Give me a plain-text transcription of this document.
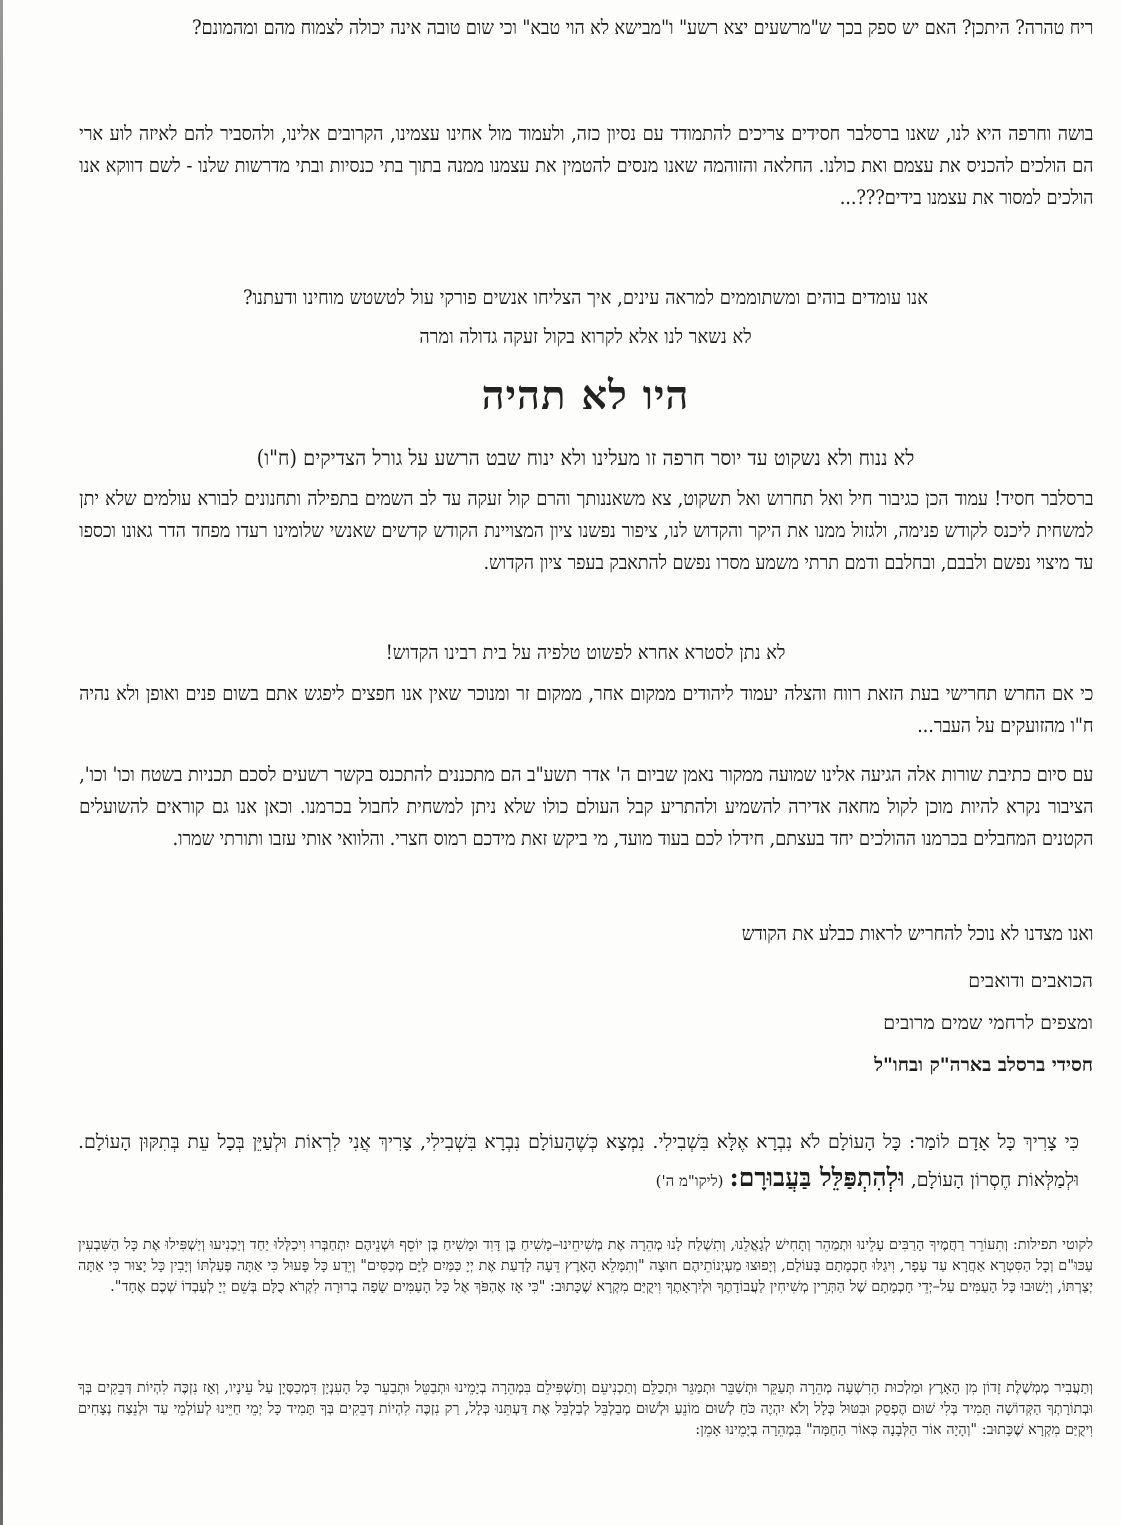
ריח טהרה? היתכן? האם יש ספק בכך ש"מרשעים יצא רשע" ו"מבישא לא הוי טבא" וכי שום טובה אינה יכולה לצמוח מהם ומהמונם?
בושה וחרפה היא לנו, שאנו ברסלבר חסידים צריכים להתמודד עם נסיון כזה, ולעמוד מול אחינו עצמינו, הקרובים אלינו, ולהסביר להם לאיזה לוע ארי הם הולכים להכניס את עצמם ואת כולנו. החלאה והזוהמה שאנו מנסים להטמין את עצמנו ממנה בתוך בתי כנסיות ובתי מדרשות שלנו - לשם דווקא אנו הולכים למסור את עצמנו בידים???...
אנו עומדים בוהים ומשתוממים למראה עינים, איך הצליחו אנשים פורקי עול לטשטש מוחינו ודעתנו?
לא נשאר לנו אלא לקרוא בקול זעקה גדולה ומרה
היו לא תהיה
לא ננוח ולא נשקוט עד יוסר חרפה זו מעלינו ולא ינוח שבט הרשע על גורל הצדיקים (ח"ו)
ברסלבר חסיד! עמוד הכן כגיבור חיל ואל תחרוש ואל תשקוט, צא משאננותך והרם קול זעקה עד לב השמים בתפילה ותחנונים לבורא עולמים שלא יתן למשחית ליכנס לקודש פנימה, ולגזול ממנו את היקר והקדוש לנו, ציפור נפשנו ציון המצויינת הקודש קדשים שאנשי שלומינו רעדו מפחד הדר גאונו וכספו עד מיצוי נפשם ולבבם, ובחלבם ודמם תרתי משמע מסרו נפשם להתאבק בעפר ציון הקדוש.
לא נתן לסטרא אחרא לפשוט טלפיה על בית רבינו הקדוש!
כי אם החרש תחרישי בעת הזאת רווח והצלה יעמוד ליהודים ממקום אחר, ממקום זר ומנוכר שאין אנו חפצים ליפגש אתם בשום פנים ואופן ולא נהיה ח"ו מהזועקים על העבר...
עם סיום כתיבת שורות אלה הגיעה אלינו שמועה ממקור נאמן שביום ה' אדר תשע"ב הם מתכננים להתכנס בקשר רשעים לסכם תכניות בשטח וכו' וכו', הציבור נקרא להיות מוכן לקול מחאה אדירה להשמיע ולהתריע קבל העולם כולו שלא ניתן למשחית לחבול בכרמנו. וכאן אנו גם קוראים להשועלים הקטנים המחבלים בכרמנו ההולכים יחד בעצתם, חידלו לכם בעוד מועד, מי ביקש זאת מידכם רמוס חצרי. והלוואי אותי עזבו ותורתי שמרו.
ואנו מצדנו לא נוכל להחריש לראות כבלע את הקודש
הכואבים ודואבים
ומצפים לרחמי שמים מרובים
חסידי ברסלב בארה"ק ובחו"ל
כִּי צָרִיךְ כָּל אָדָם לוֹמַר: כָּל הָעוֹלָם לֹא נִבְרָא אֶלָּא בִּשְׁבִילִי. נִמְצָא כְּשֶׁהָעוֹלָם נִבְרָא בִּשְׁבִילִי, צָרִיךְ אֲנִי לִרְאוֹת וּלְעַיֵּן בְּכָל עֵת בְּתִקּוּן הָעוֹלָם. וּלְמַלְּאוֹת חֶסְרוֹן הָעוֹלָם, וּלְהִתְפַּלֵּל בַּעֲבוּרָם: (ליקו"מ ה')
לקוטי תפילות: וְתִעוֹרֵר רַחֲמֶיךָ הָרַבִּים עָלֵינוּ וּתְמַהֵר וְתָחִישׁ לְגָאֳלֵנוּ, וְתִשְׁלַח לָנוּ מְהֵרָה אֶת מְשִׁיחֵינוּ–מָשִׁיחַ בֶּן דָּוִד וּמָשִׁיחַ בֶּן יוֹסֵף וּשְׁנֵיהֶם יִתְחַבְּרוּ וִיכַלְּלוּ יַחַד וְיַכְנִיעוּ וְיַשְׁפִּילוּ אֶת כָּל הַשִּׁבְעִין עַכּוּ"ם וְכָל הַסִּטְרָא אַחֲרָא עַד עָפָר, וִיגַלּוּ חָכְמָתָם בָּעוֹלָם, וְיָפוּצוּ מַעְיְנוֹתֵיהֶם חוּצָה "וְתִמָּלֵא הָאָרֶץ דֵּעָה לָדַעַת אֶת יְיָ כַּמַּיִם לַיָּם מְכַסִּים" וְיֵדַע כָּל פָּעוּל כִּי אַתָּה פְּעַלְתּוֹ וְיָבִין כָּל יָצוּר כִּי אַתָּה יְצַרְתּוֹ, וְיָשׁוּבוּ כָּל הָעַמִּים עַל–יְדֵי חָכְמָתָם שֶׁל הַתְּרֵין מְשִׁיחִין לַעֲבוֹדָתֶךָ וּלְיִרְאָתֶךָ וִיקֻיַּם מִקְרָא שֶׁכָּתוּב: "כִּי אָז אֶהְפֹּךְ אֶל כָּל הָעַמִּים שָׂפָה בְרוּרָה לִקְרֹא כֻלָּם בְּשֵׁם יְיָ לְעָבְדוֹ שְׁכֶם אֶחָד".
וְתַעֲבִיר מֶמְשֶׁלֶת זָדוֹן מִן הָאָרֶץ וּמַלְכוּת הָרִשְׁעָה מְהֵרָה תְּעַקֵּר וּתְשַׁבֵּר וּתְמַגֵּר וּתְכַלֵּם וְתַכְנִיעֵם וְתַשְׁפִּילֵם בִּמְהֵרָה בְיָמֵינוּ וּתְבַטֵּל וּתְבַעֵר כָּל הָעִנְיָן דִּמְכַסְּיָן עַל עֵינָיו, וְאָז נִזְכֶּה לִהְיוֹת דְּבֵקִים בְּךָ וּבְתוֹרָתְךָ הַקְּדוֹשָׁה תָּמִיד בְּלִי שׁוּם הֶפְסֵק וּבִטּוּל כְּלָל וְלֹא יִהְיֶה כֹּחַ לְשׁוּם מוֹנֵעַ וּלְשׁוּם מְבַלְבֵּל לְבַלְבֵּל אֶת דַּעְתֵּנוּ כְּלָל, רַק נִזְכֶּה לִהְיוֹת דְּבֵקִים בְּךָ תָּמִיד כָּל יְמֵי חַיֵּינוּ לְעוֹלְמֵי עַד וּלְנֵצַח נְצָחִים וִיקֻיַּם מִקְרָא שֶׁכָּתוּב: "וְהָיָה אוֹר הַלְּבָנָה כְּאוֹר הַחַמָּה" בִּמְהֵרָה בְיָמֵינוּ אָמֵן:
